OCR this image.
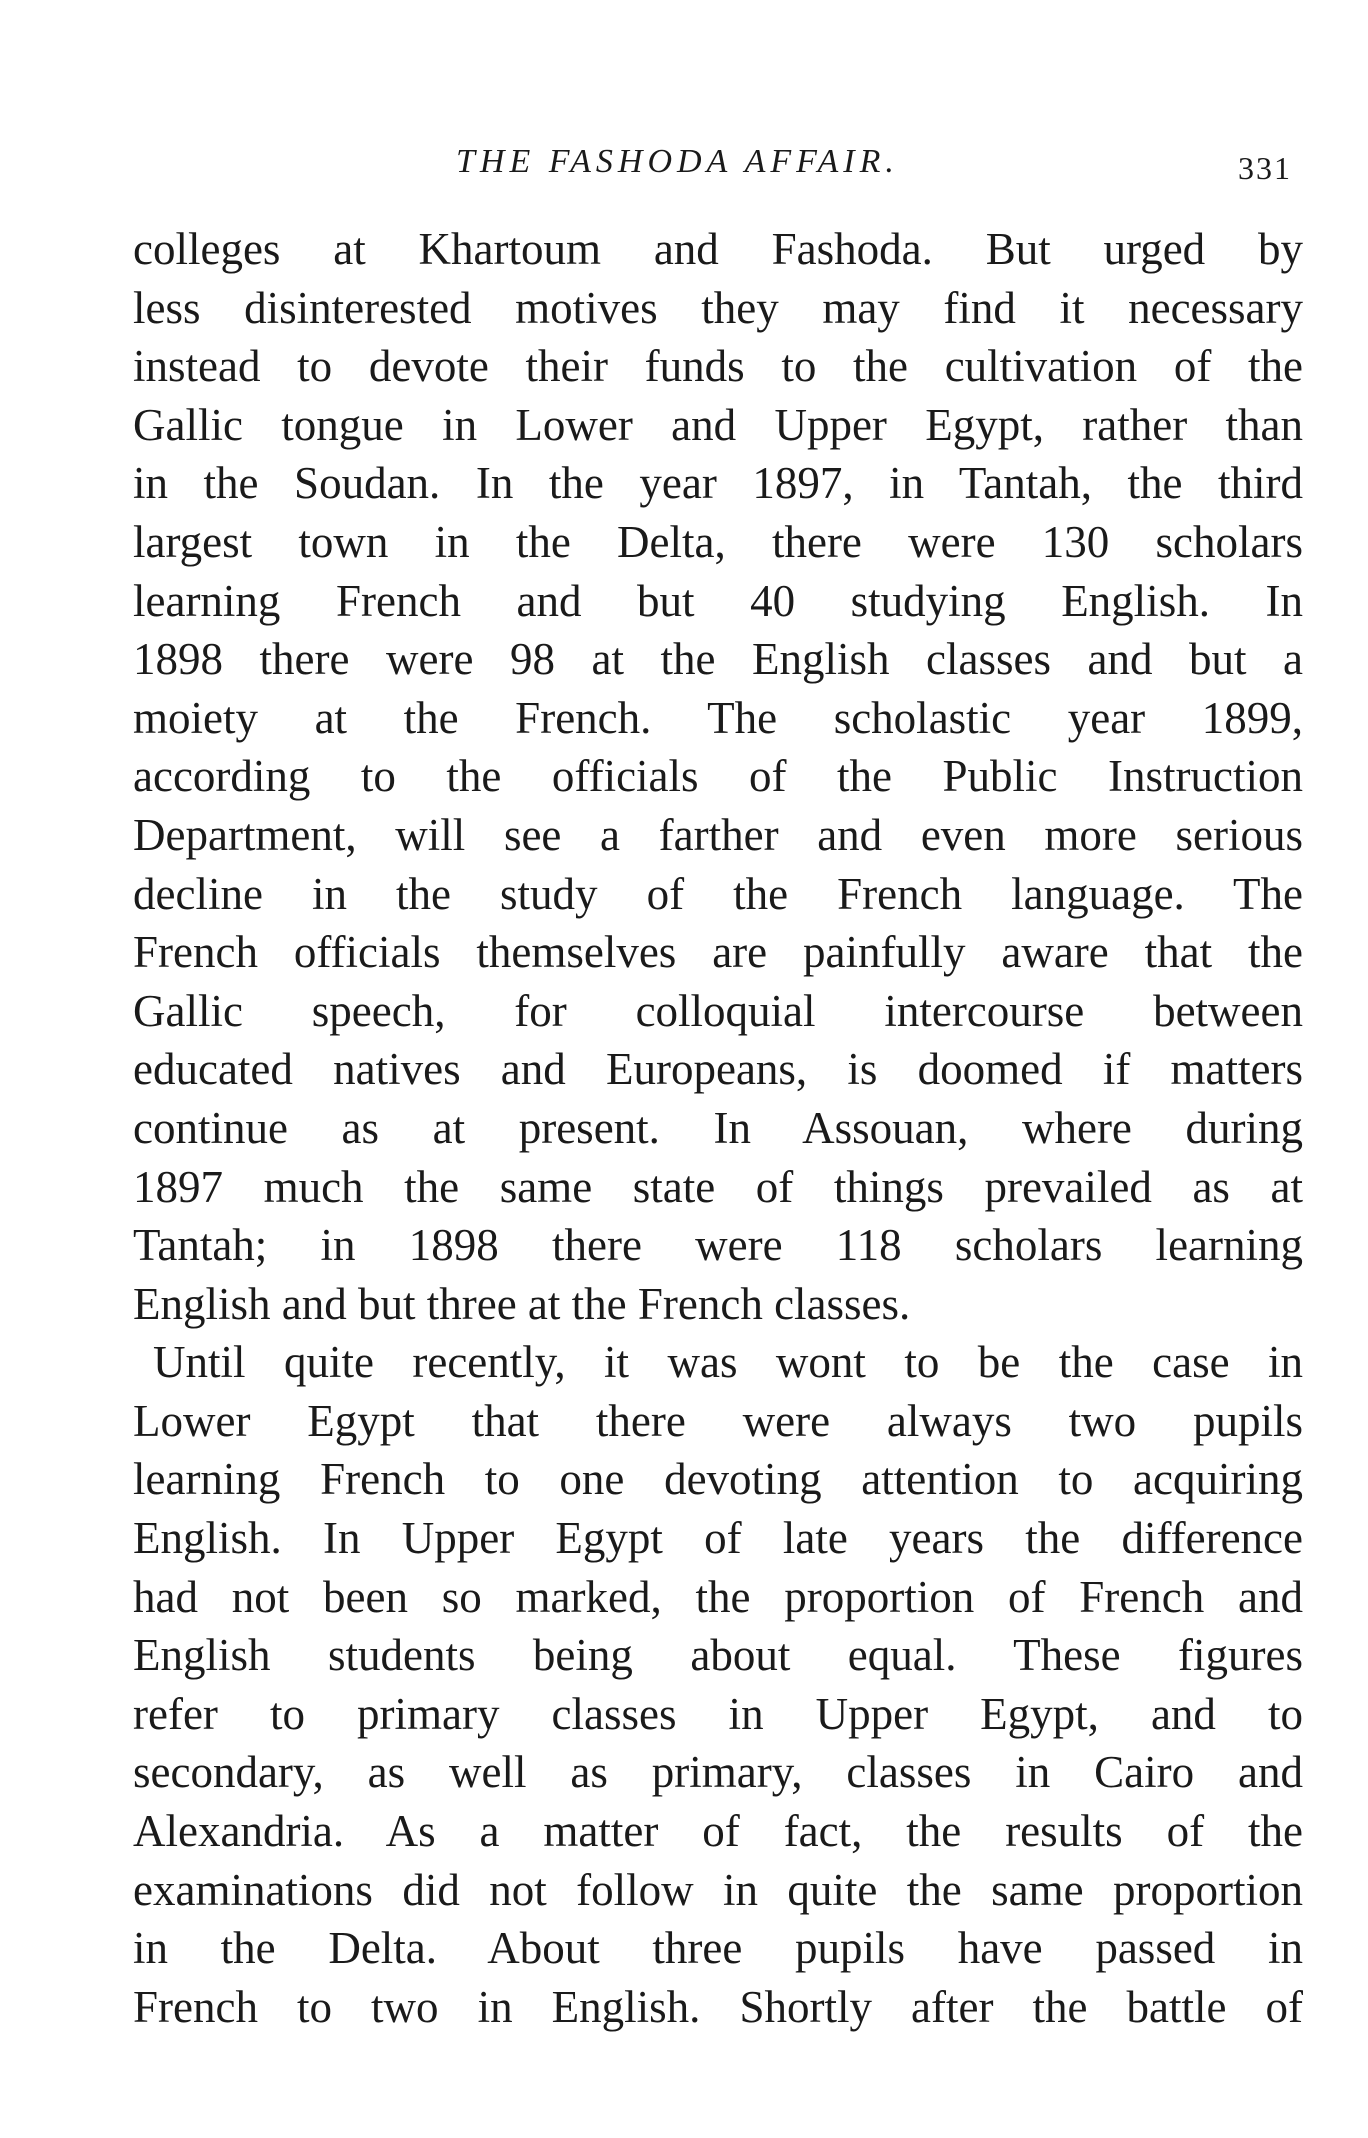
THE FASHODA AFFAIR.	331
colleges at Khartoum and Fashoda. But urged by
less disinterested motives they may find it necessary
instead to devote their funds to the cultivation of the
Gallic tongue in Lower and Upper Egypt, rather than
in the Soudan. In the year 1897, in Tantah, the third
largest town in the Delta, there were 130 scholars
learning French and but 40 studying English. In
1898 there were 98 at the English classes and but a
moiety at the French. The scholastic year 1899,
according to the officials of the Public Instruction
Department, will see a farther and even more serious
decline in the study of the French language. The
French officials themselves are painfully aware that the
Gallic speech, for colloquial intercourse between
educated natives and Europeans, is doomed if matters
continue as at present. In Assouan, where during
1897 much the same state of things prevailed as at
Tantah; in 1898 there were 118 scholars learning
English and but three at the French classes.
Until quite recently, it was wont to be the case in
Lower Egypt that there were always two pupils
learning French to one devoting attention to acquiring
English. In Upper Egypt of late years the difference
had not been so marked, the proportion of French and
English students being about equal. These figures
refer to primary classes in Upper Egypt, and to
secondary, as well as primary, classes in Cairo and
Alexandria. As a matter of fact, the results of the
examinations did not follow in quite the same proportion
in the Delta. About three pupils have passed in
French to two in English. Shortly after the battle of
